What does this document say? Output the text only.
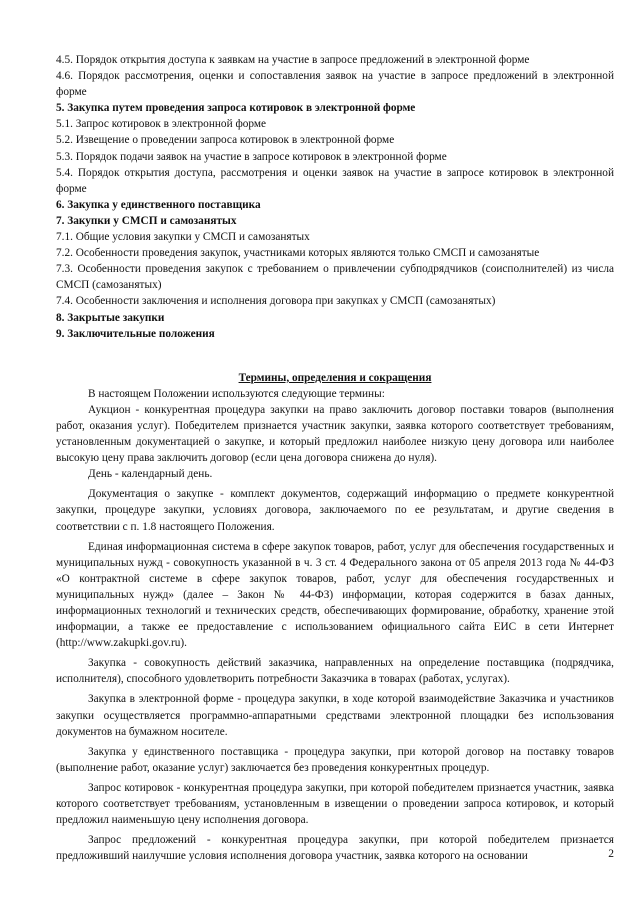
4.5. Порядок открытия доступа к заявкам на участие в запросе предложений в электронной форме
4.6. Порядок рассмотрения, оценки и сопоставления заявок на участие в запросе предложений в электронной форме
5. Закупка путем проведения запроса котировок в электронной форме
5.1. Запрос котировок в электронной форме
5.2. Извещение о проведении запроса котировок в электронной форме
5.3. Порядок подачи заявок на участие в запросе котировок в электронной форме
5.4. Порядок открытия доступа, рассмотрения и оценки заявок на участие в запросе котировок в электронной форме
6. Закупка у единственного поставщика
7. Закупки у СМСП и самозанятых
7.1. Общие условия закупки у СМСП и самозанятых
7.2. Особенности проведения закупок, участниками которых являются только СМСП и самозанятые
7.3. Особенности проведения закупок с требованием о привлечении субподрядчиков (соисполнителей) из числа СМСП (самозанятых)
7.4. Особенности заключения и исполнения договора при закупках у СМСП (самозанятых)
8. Закрытые закупки
9. Заключительные положения
Термины, определения и сокращения
В настоящем Положении используются следующие термины:
Аукцион - конкурентная процедура закупки на право заключить договор поставки товаров (выполнения работ, оказания услуг). Победителем признается участник закупки, заявка которого соответствует требованиям, установленным документацией о закупке, и который предложил наиболее низкую цену договора или наиболее высокую цену права заключить договор (если цена договора снижена до нуля).
День - календарный день.
Документация о закупке - комплект документов, содержащий информацию о предмете конкурентной закупки, процедуре закупки, условиях договора, заключаемого по ее результатам, и другие сведения в соответствии с п. 1.8 настоящего Положения.
Единая информационная система в сфере закупок товаров, работ, услуг для обеспечения государственных и муниципальных нужд - совокупность указанной в ч. 3 ст. 4 Федерального закона от 05 апреля 2013 года № 44-ФЗ «О контрактной системе в сфере закупок товаров, работ, услуг для обеспечения государственных и муниципальных нужд» (далее – Закон № 44-ФЗ) информации, которая содержится в базах данных, информационных технологий и технических средств, обеспечивающих формирование, обработку, хранение этой информации, а также ее предоставление с использованием официального сайта ЕИС в сети Интернет (http://www.zakupki.gov.ru).
Закупка - совокупность действий заказчика, направленных на определение поставщика (подрядчика, исполнителя), способного удовлетворить потребности Заказчика в товарах (работах, услугах).
Закупка в электронной форме - процедура закупки, в ходе которой взаимодействие Заказчика и участников закупки осуществляется программно-аппаратными средствами электронной площадки без использования документов на бумажном носителе.
Закупка у единственного поставщика - процедура закупки, при которой договор на поставку товаров (выполнение работ, оказание услуг) заключается без проведения конкурентных процедур.
Запрос котировок - конкурентная процедура закупки, при которой победителем признается участник, заявка которого соответствует требованиям, установленным в извещении о проведении запроса котировок, и который предложил наименьшую цену исполнения договора.
Запрос предложений - конкурентная процедура закупки, при которой победителем признается предложивший наилучшие условия исполнения договора участник, заявка которого на основании	2
